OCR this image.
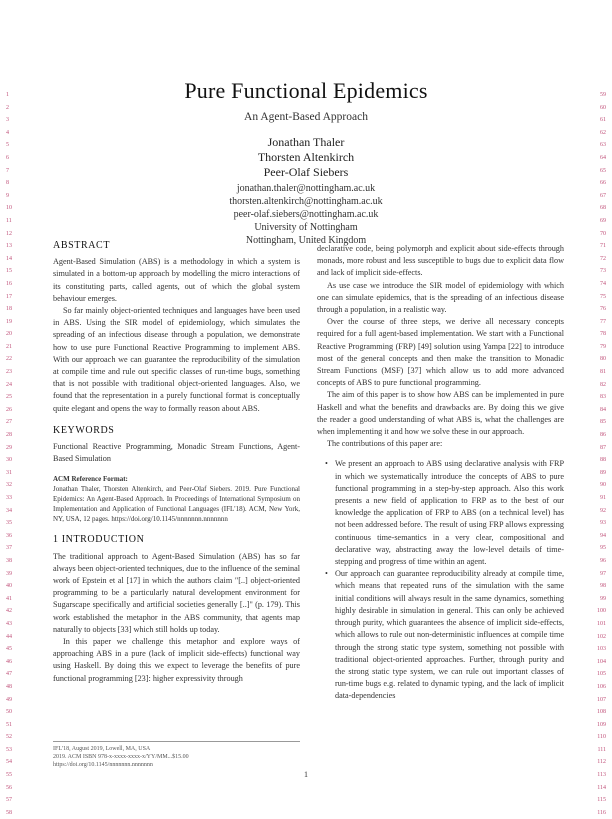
1
2
3
4
5
6
7
8
9
10
11
12
13
14
15
16
17
18
19
20
21
22
23
24
25
26
27
28
29
30
31
32
33
34
35
36
37
38
39
40
41
42
43
44
45
46
47
48
49
50
51
52
53
54
55
56
57
58
59
60
61
62
63
64
65
66
67
68
69
70
71
72
73
74
75
76
77
78
79
80
81
82
83
84
85
86
87
88
89
90
91
92
93
94
95
96
97
98
99
100
101
102
103
104
105
106
107
108
109
110
111
112
113
114
115
116
Pure Functional Epidemics
An Agent-Based Approach
Jonathan Thaler
Thorsten Altenkirch
Peer-Olaf Siebers
jonathan.thaler@nottingham.ac.uk
thorsten.altenkirch@nottingham.ac.uk
peer-olaf.siebers@nottingham.ac.uk
University of Nottingham
Nottingham, United Kingdom
ABSTRACT

Agent-Based Simulation (ABS) is a methodology in which a system is simulated in a bottom-up approach by modelling the micro interactions of its constituting parts, called agents, out of which the global system behaviour emerges.

So far mainly object-oriented techniques and languages have been used in ABS. Using the SIR model of epidemiology, which simulates the spreading of an infectious disease through a population, we demonstrate how to use pure Functional Reactive Programming to implement ABS. With our approach we can guarantee the reproducibility of the simulation at compile time and rule out specific classes of run-time bugs, something that is not possible with traditional object-oriented languages. Also, we found that the representation in a purely functional format is conceptually quite elegant and opens the way to formally reason about ABS.

KEYWORDS

Functional Reactive Programming, Monadic Stream Functions, Agent-Based Simulation

ACM Reference Format:

Jonathan Thaler, Thorsten Altenkirch, and Peer-Olaf Siebers. 2019. Pure Functional Epidemics: An Agent-Based Approach. In Proceedings of International Symposium on Implementation and Application of Functional Languages (IFL'18). ACM, New York, NY, USA, 12 pages. https://doi.org/10.1145/nnnnnnn.nnnnnnn

1 INTRODUCTION

The traditional approach to Agent-Based Simulation (ABS) has so far always been object-oriented techniques, due to the influence of the seminal work of Epstein et al [17] in which the authors claim "[..] object-oriented programming to be a particularly natural development environment for Sugarscape specifically and artificial societies generally [..]" (p. 179). This work established the metaphor in the ABS community, that agents map naturally to objects [33] which still holds up today.

In this paper we challenge this metaphor and explore ways of approaching ABS in a pure (lack of implicit side-effects) functional way using Haskell. By doing this we expect to leverage the benefits of pure functional programming [23]: higher expressivity through

declarative code, being polymorph and explicit about side-effects through monads, more robust and less susceptible to bugs due to explicit data flow and lack of implicit side-effects.

As use case we introduce the SIR model of epidemiology with which one can simulate epidemics, that is the spreading of an infectious disease through a population, in a realistic way.

Over the course of three steps, we derive all necessary concepts required for a full agent-based implementation. We start with a Functional Reactive Programming (FRP) [49] solution using Yampa [22] to introduce most of the general concepts and then make the transition to Monadic Stream Functions (MSF) [37] which allow us to add more advanced concepts of ABS to pure functional programming.

The aim of this paper is to show how ABS can be implemented in pure Haskell and what the benefits and drawbacks are. By doing this we give the reader a good understanding of what ABS is, what the challenges are when implementing it and how we solve these in our approach.

The contributions of this paper are:

• We present an approach to ABS using declarative analysis with FRP in which we systematically introduce the concepts of ABS to pure functional programming in a step-by-step approach. Also this work presents a new field of application to FRP as to the best of our knowledge the application of FRP to ABS (on a technical level) has not been addressed before. The result of using FRP allows expressing continuous time-semantics in a very clear, compositional and declarative way, abstracting away the low-level details of time-stepping and progress of time within an agent.
• Our approach can guarantee reproducibility already at compile time, which means that repeated runs of the simulation with the same initial conditions will always result in the same dynamics, something highly desirable in simulation in general. This can only be achieved through purity, which guarantees the absence of implicit side-effects, which allows to rule out non-deterministic influences at compile time through the strong static type system, something not possible with traditional object-oriented approaches. Further, through purity and the strong static type system, we can rule out important classes of run-time bugs e.g. related to dynamic typing, and the lack of implicit data-dependencies
IFL'18, August 2019, Lowell, MA, USA
2019. ACM ISBN 978-x-xxxx-xxxx-x/YY/MM...$15.00
https://doi.org/10.1145/nnnnnnn.nnnnnnn
1
